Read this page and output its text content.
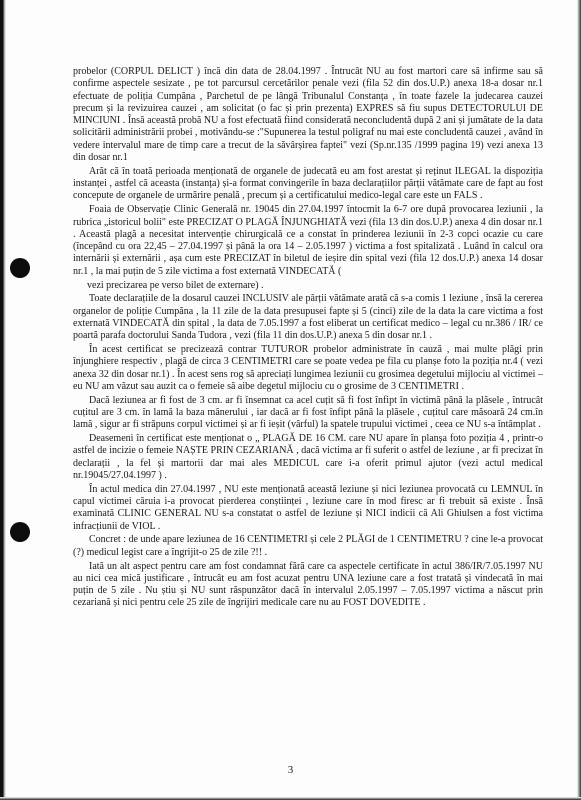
probelor (CORPUL DELICT ) încă din data de 28.04.1997 . Întrucât NU au fost martori care să infirme sau să confirme aspectele sesizate , pe tot parcursul cercetărilor penale vezi (fila 52 din dos.U.P.) anexa 18-a dosar nr.1 efectuate de poliția Cumpăna , Parchetul de pe lângă Tribunalul Constanța , în toate fazele la judecarea cauzei precum și la revizuirea cauzei , am solicitat (o fac și prin prezenta) EXPRES să fiu supus DETECTORULUI DE MINCIUNI . Însă această probă NU a fost efectuată fiind considerată neconcludentă după 2 ani și jumătate de la data solicitării administrării probei , motivându-se :"Supunerea la testul poligraf nu mai este concludentă cauzei , având în vedere intervalul mare de timp care a trecut de la săvârșirea faptei" vezi (Sp.nr.135 /1999 pagina 19) vezi anexa 13 din dosar nr.1

Arăt că în toată perioada menționată de organele de judecată eu am fost arestat și reținut ILEGAL la dispoziția instanței , astfel că aceasta (instanța) și-a format convingerile în baza declarațiilor părții vătămate care de fapt au fost concepute de organele de urmărire penală , precum și a certificatului medico-legal care este un FALS .

Foaia de Observație Clinic Generală nr. 19045 din 27.04.1997 întocmit la 6-7 ore după provocarea leziunii , la rubrica „istoricul bolii" este PRECIZAT O PLAGĂ ÎNJUNGHIATĂ vezi (fila 13 din dos.U.P.) anexa 4 din dosar nr.1 . Această plagă a necesitat intervenție chirurgicală ce a constat în prinderea leziunii în 2-3 copci ocazie cu care (începând cu ora 22,45 – 27.04.1997 și până la ora 14 – 2.05.1997 ) victima a fost spitalizată . Luând în calcul ora internării și externării , așa cum este PRECIZAT în biletul de ieșire din spital vezi (fila 12 dos.U.P.) anexa 14 dosar nr.1 , la mai puțin de 5 zile victima a fost externată VINDECATĂ (

vezi precizarea pe verso bilet de externare) .

Toate declarațiile de la dosarul cauzei INCLUSIV ale părții vătămate arată că s-a comis 1 leziune , însă la cererea organelor de poliție Cumpăna , la 11 zile de la data presupusei fapte și 5 (cinci) zile de la data la care victima a fost externată VINDECATĂ din spital , la data de 7.05.1997 a fost eliberat un certificat medico – legal cu nr.386 / IR/ ce poartă parafa doctorului Sanda Tudora , vezi (fila 11 din dos.U.P.) anexa 5 din dosar nr.1 .

În acest certificat se precizează contrar TUTUROR probelor administrate în cauză , mai multe plăgi prin înjunghiere respectiv , plagă de circa 3 CENTIMETRI care se poate vedea pe fila cu planșe foto la poziția nr.4 ( vezi anexa 32 din dosar nr.1) . În acest sens rog să apreciați lungimea leziunii cu grosimea degetului mijlociu al victimei – eu NU am văzut sau auzit ca o femeie să aibe degetul mijlociu cu o grosime de 3 CENTIMETRI .

Dacă leziunea ar fi fost de 3 cm. ar fi însemnat ca acel cuțit să fi fost înfipt în victimă până la plăsele , întrucât cuțitul are 3 cm. în lamă la baza mânerului , iar dacă ar fi fost înfipt până la plăsele , cuțitul care măsoară 24 cm.în lamă , sigur ar fi străpuns corpul victimei și ar fi ieșit (vârful) la spatele trupului victimei , ceea ce NU s-a întâmplat .

Deasemeni în certificat este menționat o „ PLAGĂ DE 16 CM. care NU apare în planșa foto poziția 4 , printr-o astfel de incizie o femeie NAȘTE PRIN CEZARIANĂ , dacă victima ar fi suferit o astfel de leziune , ar fi precizat în declarații , la fel și martorii dar mai ales MEDICUL care i-a oferit primul ajutor (vezi actul medical nr.19045/27.04.1997 ) .

În actul medica din 27.04.1997 , NU este menționată această leziune și nici leziunea provocată cu LEMNUL în capul victimei căruia i-a provocat pierderea conștiinței , leziune care în mod firesc ar fi trebuit să existe . Însă examinată CLINIC GENERAL NU s-a constatat o astfel de leziune și NICI indicii că Ali Ghiulsen a fost victima infracțiunii de VIOL .

Concret : de unde apare leziunea de 16 CENTIMETRI și cele 2 PLĂGI de 1 CENTIMETRU ? cine le-a provocat (?) medicul legist care a îngrijit-o 25 de zile ?!! .

Iată un alt aspect pentru care am fost condamnat fără care ca aspectele certificate în actul 386/IR/7.05.1997 NU au nici cea mică justificare , întrucât eu am fost acuzat pentru UNA leziune care a fost tratată și vindecată în mai puțin de 5 zile . Nu știu și NU sunt răspunzător dacă în intervalul 2.05.1997 – 7.05.1997 victima a născut prin cezariană și nici pentru cele 25 zile de îngrijiri medicale care nu au FOST DOVEDITE .

3
